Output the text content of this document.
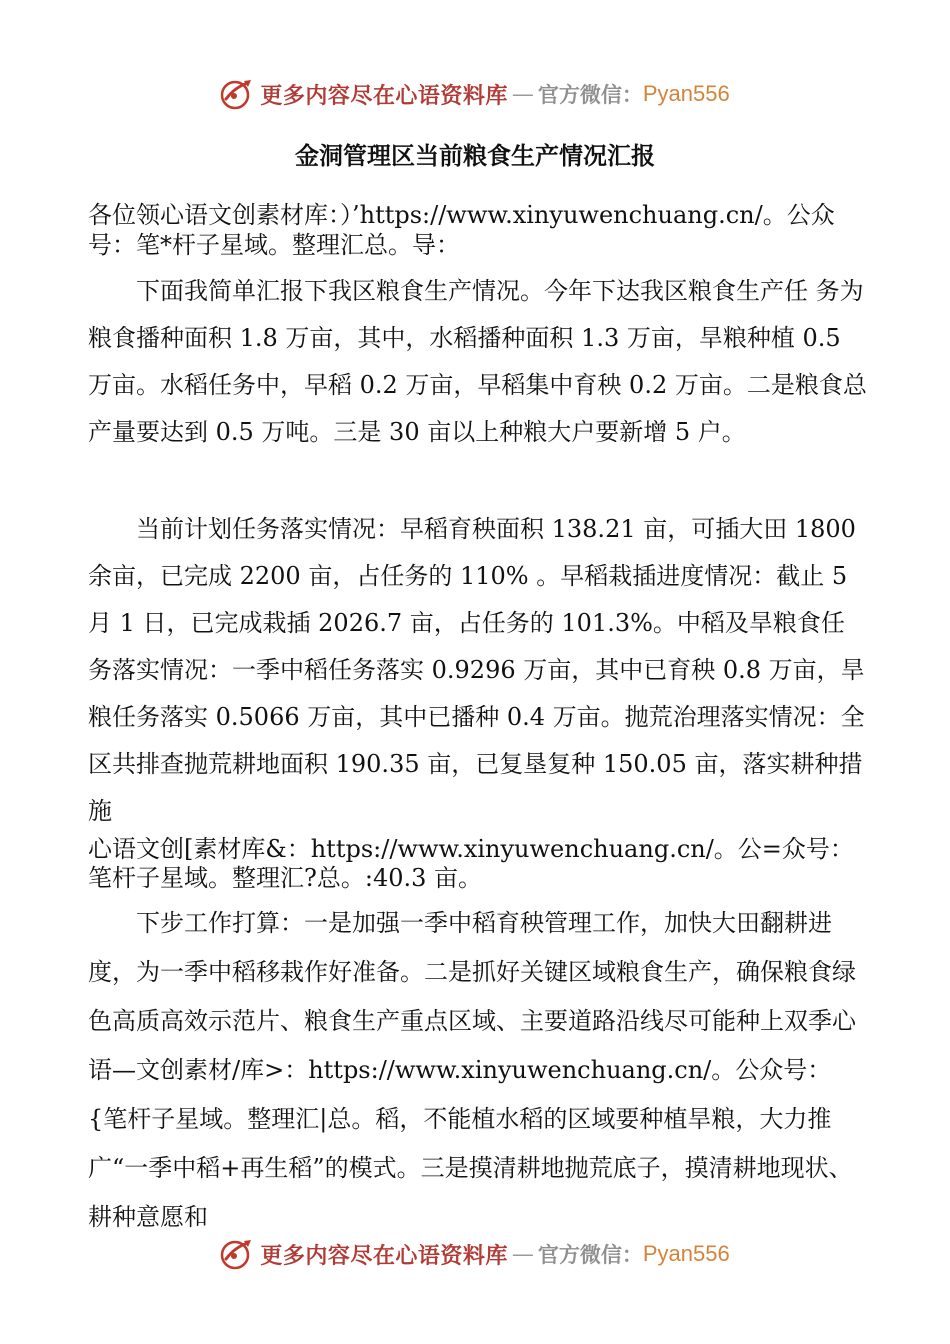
更多内容尽在心语资料库 — 官方微信： Pyan556
金洞管理区当前粮食生产情况汇报

各位领心语文创素材库：）’https://www.xinyuwenchuang.cn/。公众号：笔*杆子星域。整理汇总。导：

下面我简单汇报下我区粮食生产情况。今年下达我区粮食生产任 务为粮食播种面积 1.8 万亩，其中，水稻播种面积 1.3 万亩，旱粮种植 0.5 万亩。水稻任务中，早稻 0.2 万亩，早稻集中育秧 0.2 万亩。二是粮食总产量要达到 0.5 万吨。三是 30 亩以上种粮大户要新增 5 户。

当前计划任务落实情况：早稻育秧面积 138.21 亩，可插大田 1800 余亩，已完成 2200 亩，占任务的 110% 。早稻栽插进度情况：截止 5 月 1 日，已完成栽插 2026.7 亩，占任务的 101.3%。中稻及旱粮食任务落实情况：一季中稻任务落实 0.9296 万亩，其中已育秧 0.8 万亩，旱粮任务落实 0.5066 万亩，其中已播种 0.4 万亩。抛荒治理落实情况：全区共排查抛荒耕地面积 190.35 亩，已复垦复种 150.05 亩，落实耕种措施

心语文创[素材库&：https://www.xinyuwenchuang.cn/。公=众号：笔杆子星域。整理汇?总。:40.3 亩。

下步工作打算：一是加强一季中稻育秧管理工作，加快大田翻耕进度，为一季中稻移栽作好准备。二是抓好关键区域粮食生产，确保粮食绿色高质高效示范片、粮食生产重点区域、主要道路沿线尽可能种上双季心语—文创素材/库>：https://www.xinyuwenchuang.cn/。公众号：{笔杆子星域。整理汇|总。稻，不能植水稻的区域要种植旱粮，大力推广“一季中稻+再生稻”的模式。三是摸清耕地抛荒底子，摸清耕地现状、耕种意愿和

更多内容尽在心语资料库 — 官方微信： Pyan556
